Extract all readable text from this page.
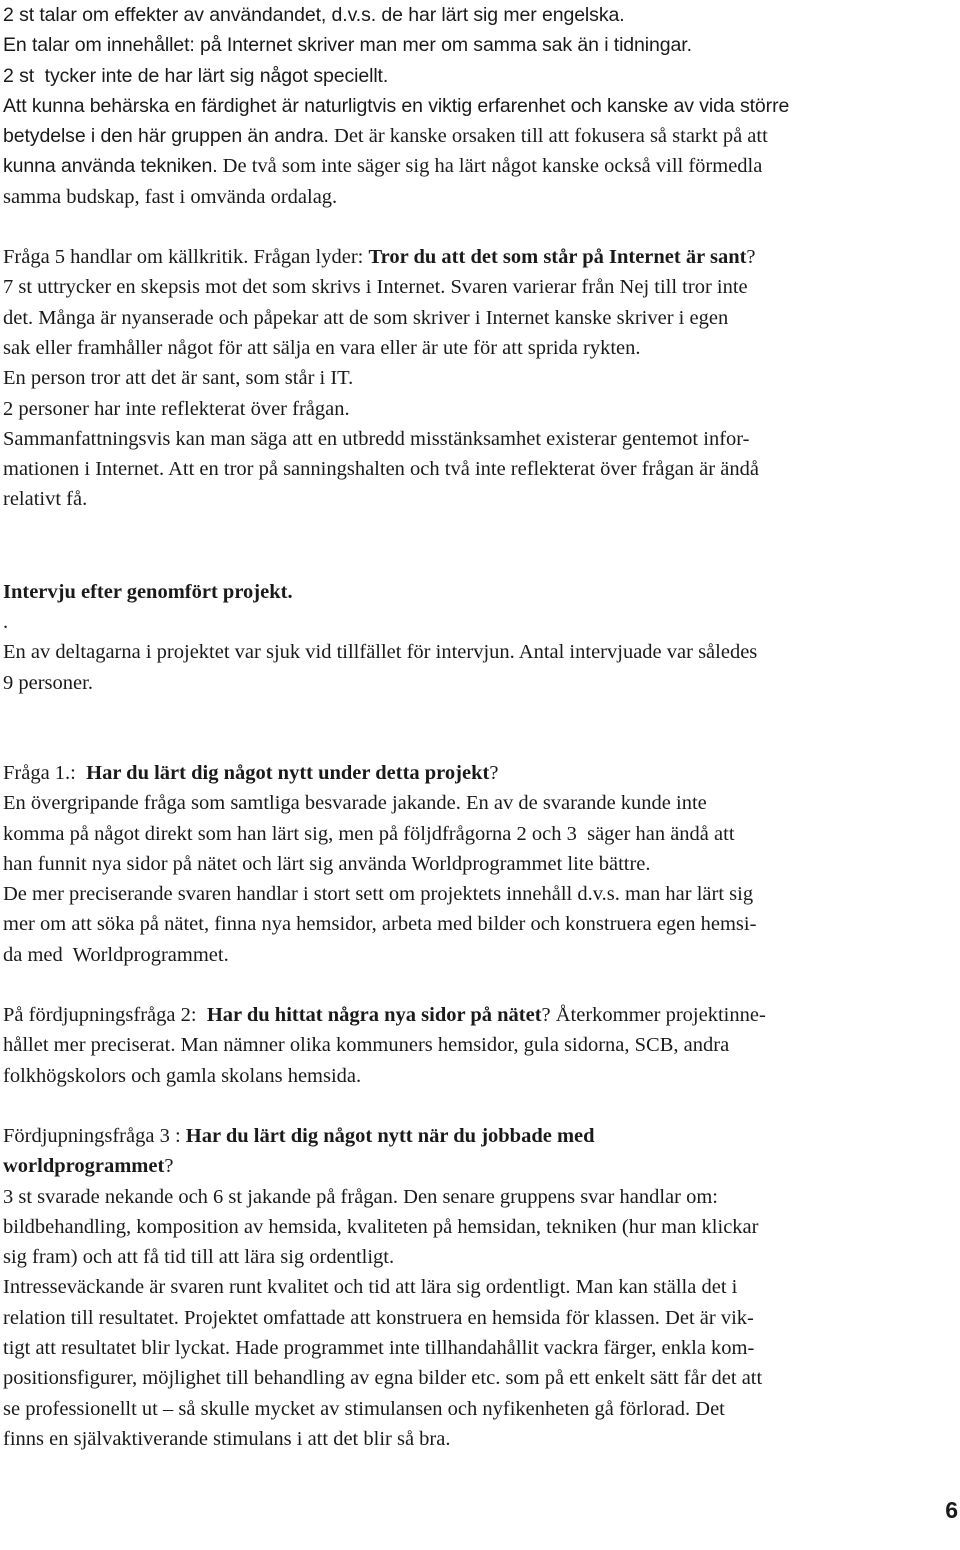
2 st talar om effekter av användandet, d.v.s. de har lärt sig mer engelska.
En talar om innehållet: på Internet skriver man mer om samma sak än i tidningar.
2 st  tycker inte de har lärt sig något speciellt.
Att kunna behärska en färdighet är naturligtvis en viktig erfarenhet och kanske av vida större
betydelse i den här gruppen än andra. Det är kanske orsaken till att fokusera så starkt på att
kunna använda tekniken. De två som inte säger sig ha lärt något kanske också vill förmedla
samma budskap, fast i omvända ordalag.
Fråga 5 handlar om källkritik. Frågan lyder: Tror du att det som står på Internet är sant?
7 st uttrycker en skepsis mot det som skrivs i Internet. Svaren varierar från Nej till tror inte
det. Många är nyanserade och påpekar att de som skriver i Internet kanske skriver i egen
sak eller framhåller något för att sälja en vara eller är ute för att sprida rykten.
En person tror att det är sant, som står i IT.
2 personer har inte reflekterat över frågan.
Sammanfattningsvis kan man säga att en utbredd misstänksamhet existerar gentemot infor-
mationen i Internet. Att en tror på sanningshalten och två inte reflekterat över frågan är ändå
relativt få.
Intervju efter genomfört projekt.
.
En av deltagarna i projektet var sjuk vid tillfället för intervjun. Antal intervjuade var således
9 personer.
Fråga 1.:  Har du lärt dig något nytt under detta projekt?
En övergripande fråga som samtliga besvarade jakande. En av de svarande kunde inte
komma på något direkt som han lärt sig, men på följdfrågorna 2 och 3  säger han ändå att
han funnit nya sidor på nätet och lärt sig använda Worldprogrammet lite bättre.
De mer preciserande svaren handlar i stort sett om projektets innehåll d.v.s. man har lärt sig
mer om att söka på nätet, finna nya hemsidor, arbeta med bilder och konstruera egen hemsi-
da med  Worldprogrammet.
På fördjupningsfråga 2:  Har du hittat några nya sidor på nätet? Återkommer projektinne-
hållet mer preciserat. Man nämner olika kommuners hemsidor, gula sidorna, SCB, andra
folkhögskolors och gamla skolans hemsida.
Fördjupningsfråga 3 : Har du lärt dig något nytt när du jobbade med
worldprogrammet?
3 st svarade nekande och 6 st jakande på frågan. Den senare gruppens svar handlar om:
bildbehandling, komposition av hemsida, kvaliteten på hemsidan, tekniken (hur man klickar
sig fram) och att få tid till att lära sig ordentligt.
Intresseväckande är svaren runt kvalitet och tid att lära sig ordentligt. Man kan ställa det i
relation till resultatet. Projektet omfattade att konstruera en hemsida för klassen. Det är vik-
tigt att resultatet blir lyckat. Hade programmet inte tillhandahållit vackra färger, enkla kom-
positionsfigurer, möjlighet till behandling av egna bilder etc. som på ett enkelt sätt får det att
se professionellt ut – så skulle mycket av stimulansen och nyfikenheten gå förlorad. Det
finns en självaktiverande stimulans i att det blir så bra.
6
